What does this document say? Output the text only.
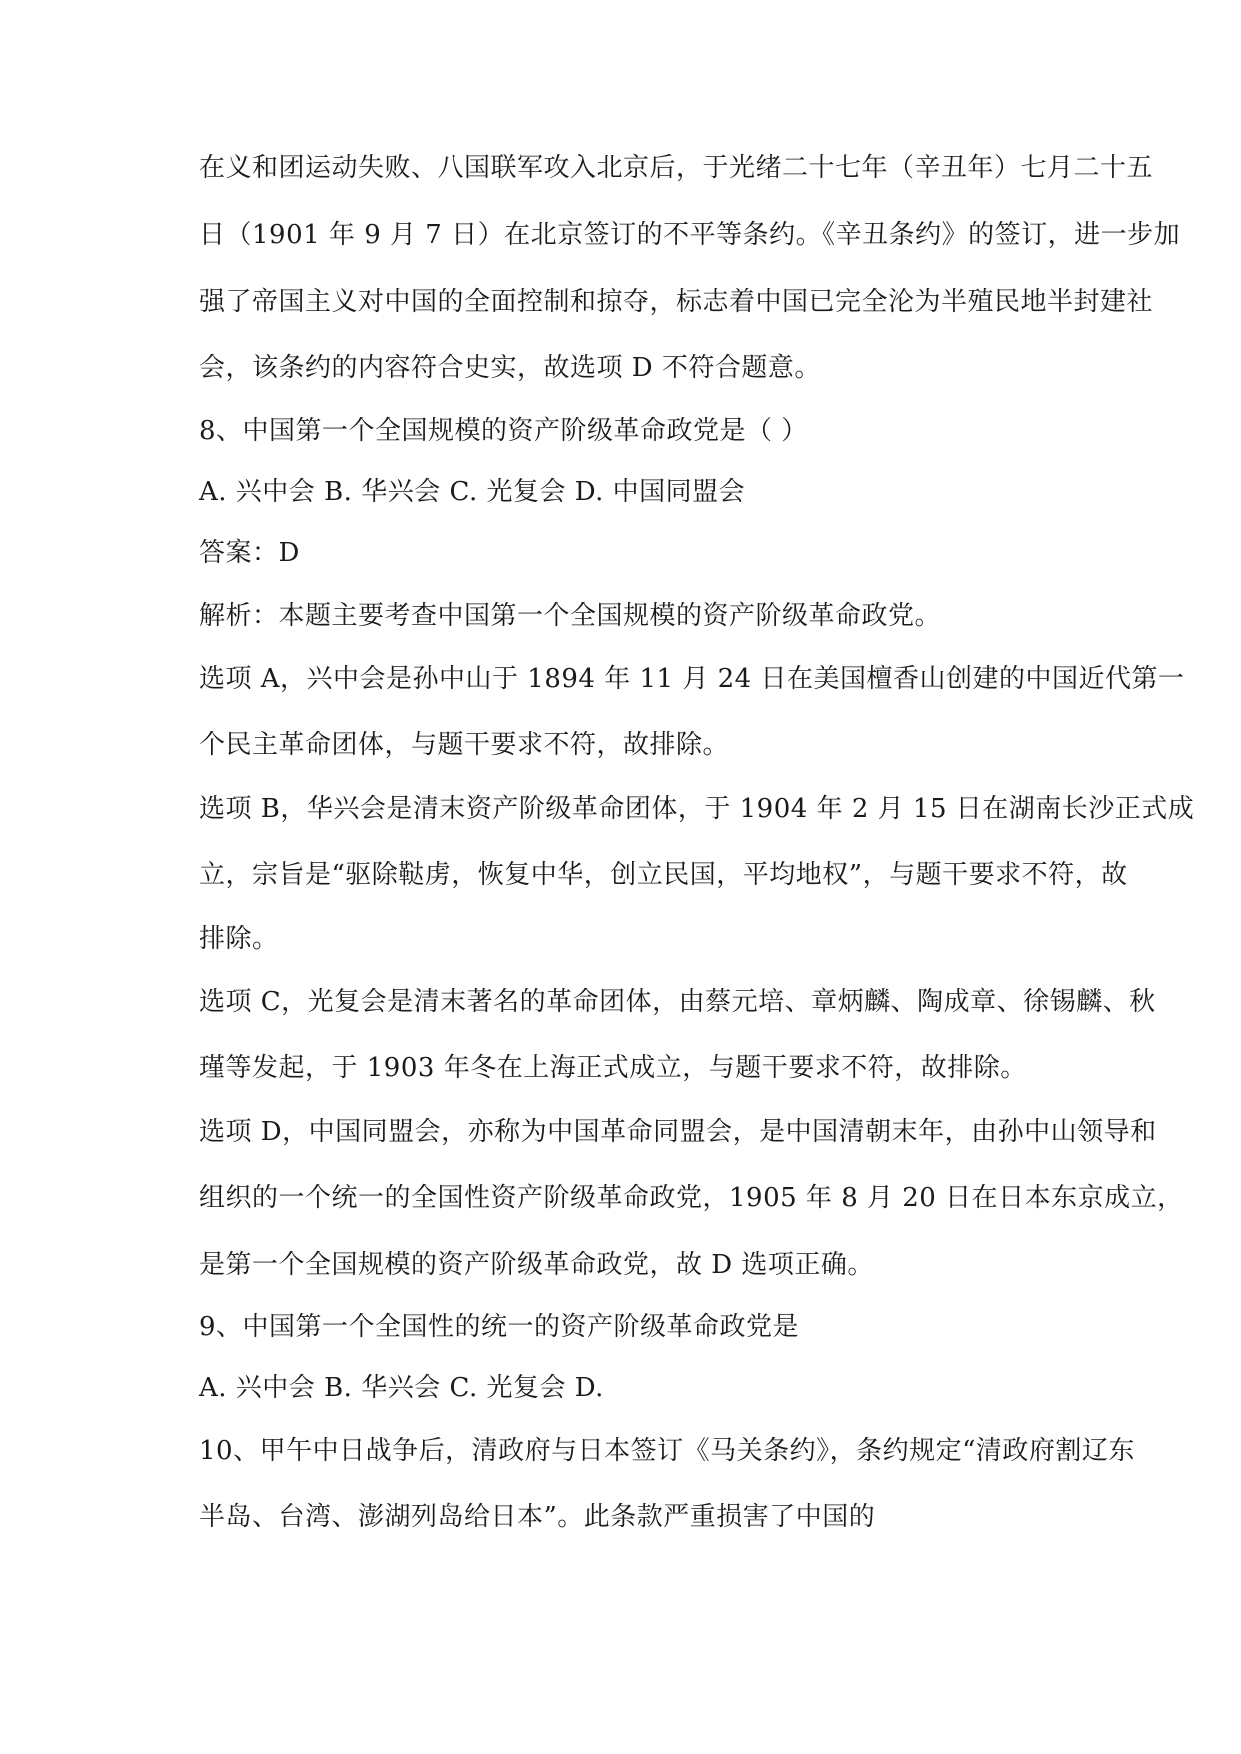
在义和团运动失败、八国联军攻入北京后，于光绪二十七年（辛丑年）七月二十五
日（1901 年 9 月 7 日）在北京签订的不平等条约。《辛丑条约》的签订，进一步加
强了帝国主义对中国的全面控制和掠夺，标志着中国已完全沦为半殖民地半封建社
会，该条约的内容符合史实，故选项 D 不符合题意。
8、中国第一个全国规模的资产阶级革命政党是（ ）
A. 兴中会 B. 华兴会 C. 光复会 D. 中国同盟会
答案：D
解析：本题主要考查中国第一个全国规模的资产阶级革命政党。
选项 A，兴中会是孙中山于 1894 年 11 月 24 日在美国檀香山创建的中国近代第一
个民主革命团体，与题干要求不符，故排除。
选项 B，华兴会是清末资产阶级革命团体，于 1904 年 2 月 15 日在湖南长沙正式成
立，宗旨是“驱除鞑虏，恢复中华，创立民国，平均地权”，与题干要求不符，故
排除。
选项 C，光复会是清末著名的革命团体，由蔡元培、章炳麟、陶成章、徐锡麟、秋
瑾等发起，于 1903 年冬在上海正式成立，与题干要求不符，故排除。
选项 D，中国同盟会，亦称为中国革命同盟会，是中国清朝末年，由孙中山领导和
组织的一个统一的全国性资产阶级革命政党，1905 年 8 月 20 日在日本东京成立，
是第一个全国规模的资产阶级革命政党，故 D 选项正确。
9、中国第一个全国性的统一的资产阶级革命政党是
A. 兴中会 B. 华兴会 C. 光复会 D.
10、甲午中日战争后，清政府与日本签订《马关条约》，条约规定“清政府割辽东
半岛、台湾、澎湖列岛给日本”。此条款严重损害了中国的
